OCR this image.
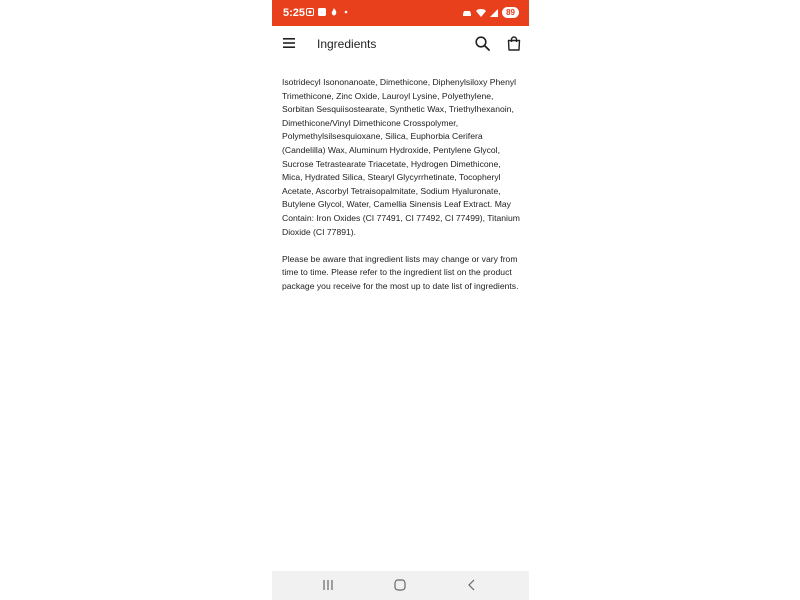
5:25	·	89
Ingredients

Isotridecyl Isononanoate, Dimethicone, Diphenylsiloxy Phenyl Trimethicone, Zinc Oxide, Lauroyl Lysine, Polyethylene, Sorbitan Sesquiisostearate, Synthetic Wax, Triethylhexanoin, Dimethicone/Vinyl Dimethicone Crosspolymer, Polymethylsilsesquioxane, Silica, Euphorbia Cerifera (Candelilla) Wax, Aluminum Hydroxide, Pentylene Glycol, Sucrose Tetrastearate Triacetate, Hydrogen Dimethicone, Mica, Hydrated Silica, Stearyl Glycyrrhetinate, Tocopheryl Acetate, Ascorbyl Tetraisopalmitate, Sodium Hyaluronate, Butylene Glycol, Water, Camellia Sinensis Leaf Extract. May Contain: Iron Oxides (CI 77491, CI 77492, CI 77499), Titanium Dioxide (CI 77891).

Please be aware that ingredient lists may change or vary from time to time. Please refer to the ingredient list on the product package you receive for the most up to date list of ingredients.
